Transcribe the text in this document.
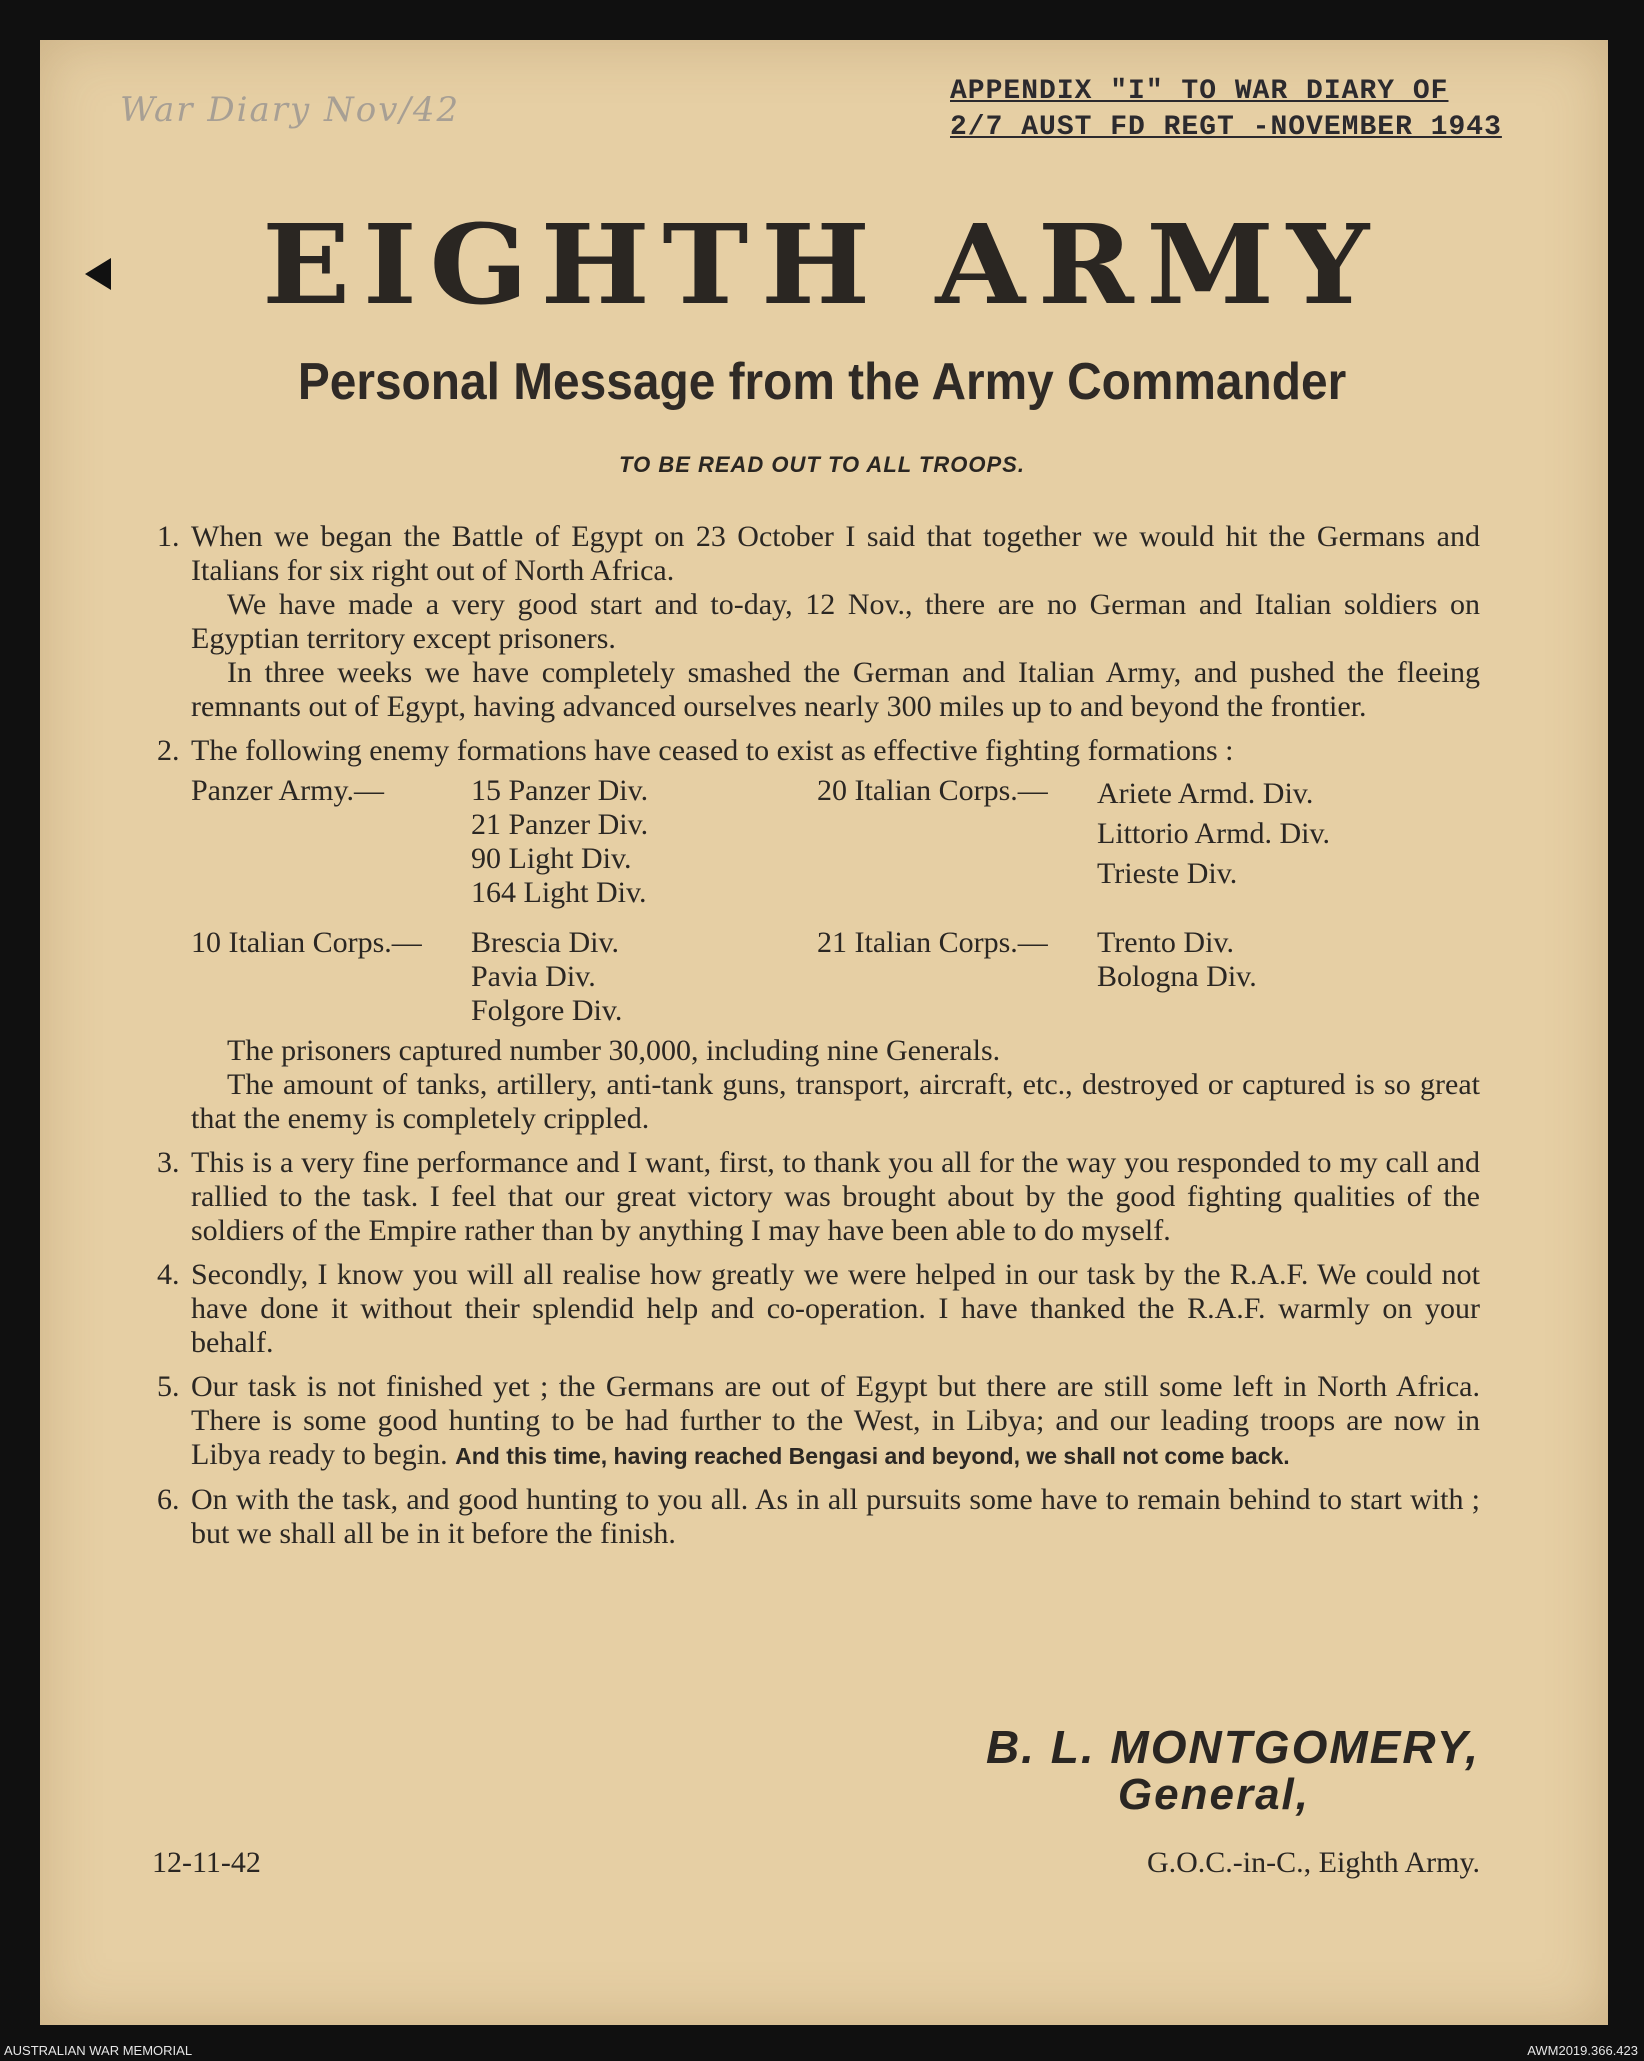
War Diary Nov/42	APPENDIX "I" TO WAR DIARY OF
2/7 AUST FD REGT -NOVEMBER 1943
EIGHTH ARMY
Personal Message from the Army Commander
TO BE READ OUT TO ALL TROOPS.
1. When we began the Battle of Egypt on 23 October I said that together we would hit the Germans and Italians for six right out of North Africa.

We have made a very good start and to-day, 12 Nov., there are no German and Italian soldiers on Egyptian territory except prisoners.

In three weeks we have completely smashed the German and Italian Army, and pushed the fleeing remnants out of Egypt, having advanced ourselves nearly 300 miles up to and beyond the frontier.

2. The following enemy formations have ceased to exist as effective fighting formations :

Panzer Army.—	15 Panzer Div.
21 Panzer Div.
90 Light Div.
164 Light Div.
20 Italian Corps.— Ariete Armd. Div.
Littorio Armd. Div.
Trieste Div.
10 Italian Corps.— Brescia Div.
Pavia Div.
Folgore Div.
21 Italian Corps.— Trento Div.
Bologna Div.

The prisoners captured number 30,000, including nine Generals.

The amount of tanks, artillery, anti-tank guns, transport, aircraft, etc., destroyed or captured is so great that the enemy is completely crippled.

3. This is a very fine performance and I want, first, to thank you all for the way you responded to my call and rallied to the task. I feel that our great victory was brought about by the good fighting qualities of the soldiers of the Empire rather than by anything I may have been able to do myself.

4. Secondly, I know you will all realise how greatly we were helped in our task by the R.A.F. We could not have done it without their splendid help and co-operation. I have thanked the R.A.F. warmly on your behalf.

5. Our task is not finished yet ; the Germans are out of Egypt but there are still some left in North Africa. There is some good hunting to be had further to the West, in Libya; and our leading troops are now in Libya ready to begin. And this time, having reached Bengasi and beyond, we shall not come back.

6. On with the task, and good hunting to you all. As in all pursuits some have to remain behind to start with ; but we shall all be in it before the finish.

B. L. MONTGOMERY,
General,
12-11-42	G.O.C.-in-C., Eighth Army.
AUSTRALIAN WAR MEMORIAL	AWM2019.366.423
